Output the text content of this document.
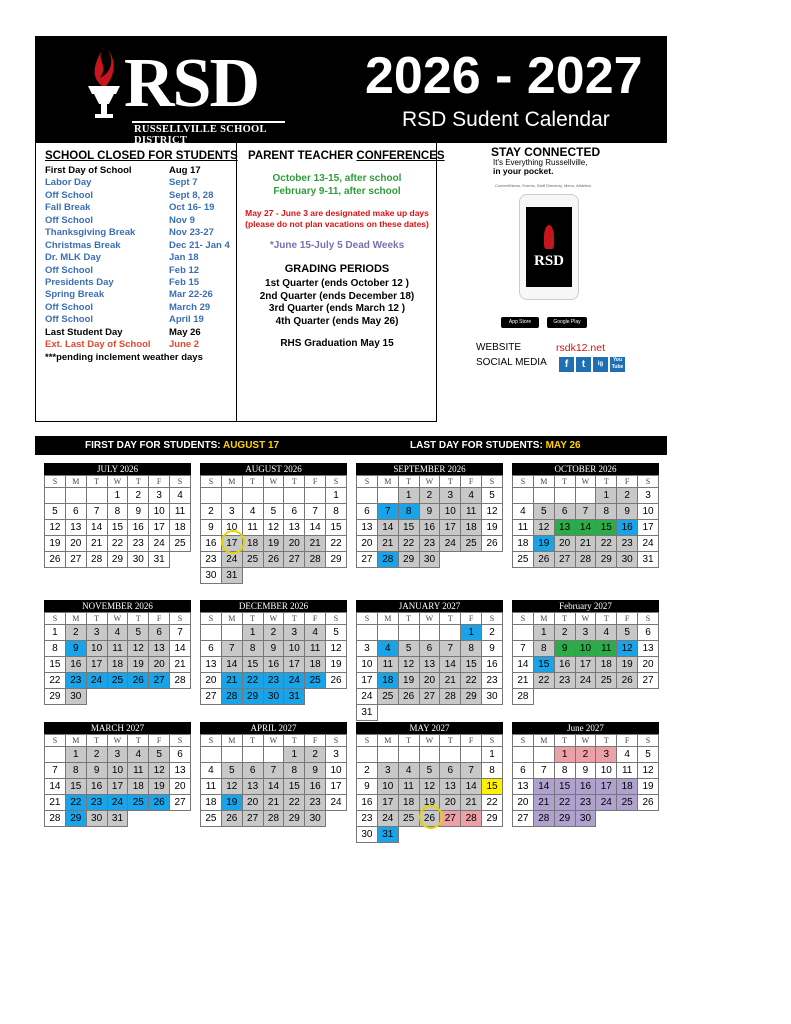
RSD
RUSSELLVILLE SCHOOL DISTRICT
2026 - 2027
RSD Sudent Calendar
SCHOOL CLOSED FOR STUDENTS
First Day of School	Aug 17
Labor Day	Sept 7
Off School	Sept 8, 28
Fall Break	Oct 16- 19
Off School	Nov 9
Thanksgiving Break	Nov 23-27
Christmas Break	Dec 21- Jan 4
Dr. MLK Day	Jan 18
Off School	Feb 12
Presidents Day	Feb 15
Spring Break	Mar 22-26
Off School	March 29
Off School	April 19
Last Student Day	May 26
Ext. Last Day of School June 2
***pending inclement weather days
PARENT TEACHER CONFERENCES
October 13-15, after school
February 9-11, after school
May 27 - June 3 are designated make up days
(please do not plan vacations on these dates)
*June 15-July 5 Dead Weeks
GRADING PERIODS
1st Quarter (ends October 12 )
2nd Quarter (ends December 18)
3rd Quarter (ends March 12 )
4th Quarter (ends May 26)
RHS Graduation May 15
STAY CONNECTED
It's Everything Russellville,
in your pocket.
Content/News, Events, Staff Directory, Menu, Athletics
RSD
App Store	Google Play
WEBSITE	rsdk12.net
SOCIAL MEDIA	f	t	ig
You Tube
FIRST DAY FOR STUDENTS: AUGUST 17	LAST DAY FOR STUDENTS: MAY 26
JULY 2026
S	M	T	W	T	F	S
			1	2	3	4
5	6	7	8	9	10	11
12	13	14	15	16	17	18
19	20	21	22	23	24	25
26	27	28	29	30	31	
AUGUST 2026
S	M	T	W	T	F	S
						1
2	3	4	5	6	7	8
9	10	11	12	13	14	15
16	17	18	19	20	21	22
23	24	25	26	27	28	29
30	31					
SEPTEMBER 2026
S	M	T	W	T	F	S
		1	2	3	4	5
6	7	8	9	10	11	12
13	14	15	16	17	18	19
20	21	22	23	24	25	26
27	28	29	30			
OCTOBER 2026
S	M	T	W	T	F	S
				1	2	3
4	5	6	7	8	9	10
11	12	13	14	15	16	17
18	19	20	21	22	23	24
25	26	27	28	29	30	31
NOVEMBER 2026
S	M	T	W	T	F	S
1	2	3	4	5	6	7
8	9	10	11	12	13	14
15	16	17	18	19	20	21
22	23	24	25	26	27	28
29	30					
DECEMBER 2026
S	M	T	W	T	F	S
		1	2	3	4	5
6	7	8	9	10	11	12
13	14	15	16	17	18	19
20	21	22	23	24	25	26
27	28	29	30	31		
JANUARY 2027
S	M	T	W	T	F	S
					1	2
3	4	5	6	7	8	9
10	11	12	13	14	15	16
17	18	19	20	21	22	23
24	25	26	27	28	29	30
31						
February 2027
S	M	T	W	T	F	S
	1	2	3	4	5	6
7	8	9	10	11	12	13
14	15	16	17	18	19	20
21	22	23	24	25	26	27
28						
MARCH 2027
S	M	T	W	T	F	S
	1	2	3	4	5	6
7	8	9	10	11	12	13
14	15	16	17	18	19	20
21	22	23	24	25	26	27
28	29	30	31			
APRIL 2027
S	M	T	W	T	F	S
				1	2	3
4	5	6	7	8	9	10
11	12	13	14	15	16	17
18	19	20	21	22	23	24
25	26	27	28	29	30	
MAY 2027
S	M	T	W	T	F	S
						1
2	3	4	5	6	7	8
9	10	11	12	13	14	15
16	17	18	19	20	21	22
23	24	25	26	27	28	29
30	31					
June 2027
S	M	T	W	T	F	S
		1	2	3	4	5
6	7	8	9	10	11	12
13	14	15	16	17	18	19
20	21	22	23	24	25	26
27	28	29	30			
